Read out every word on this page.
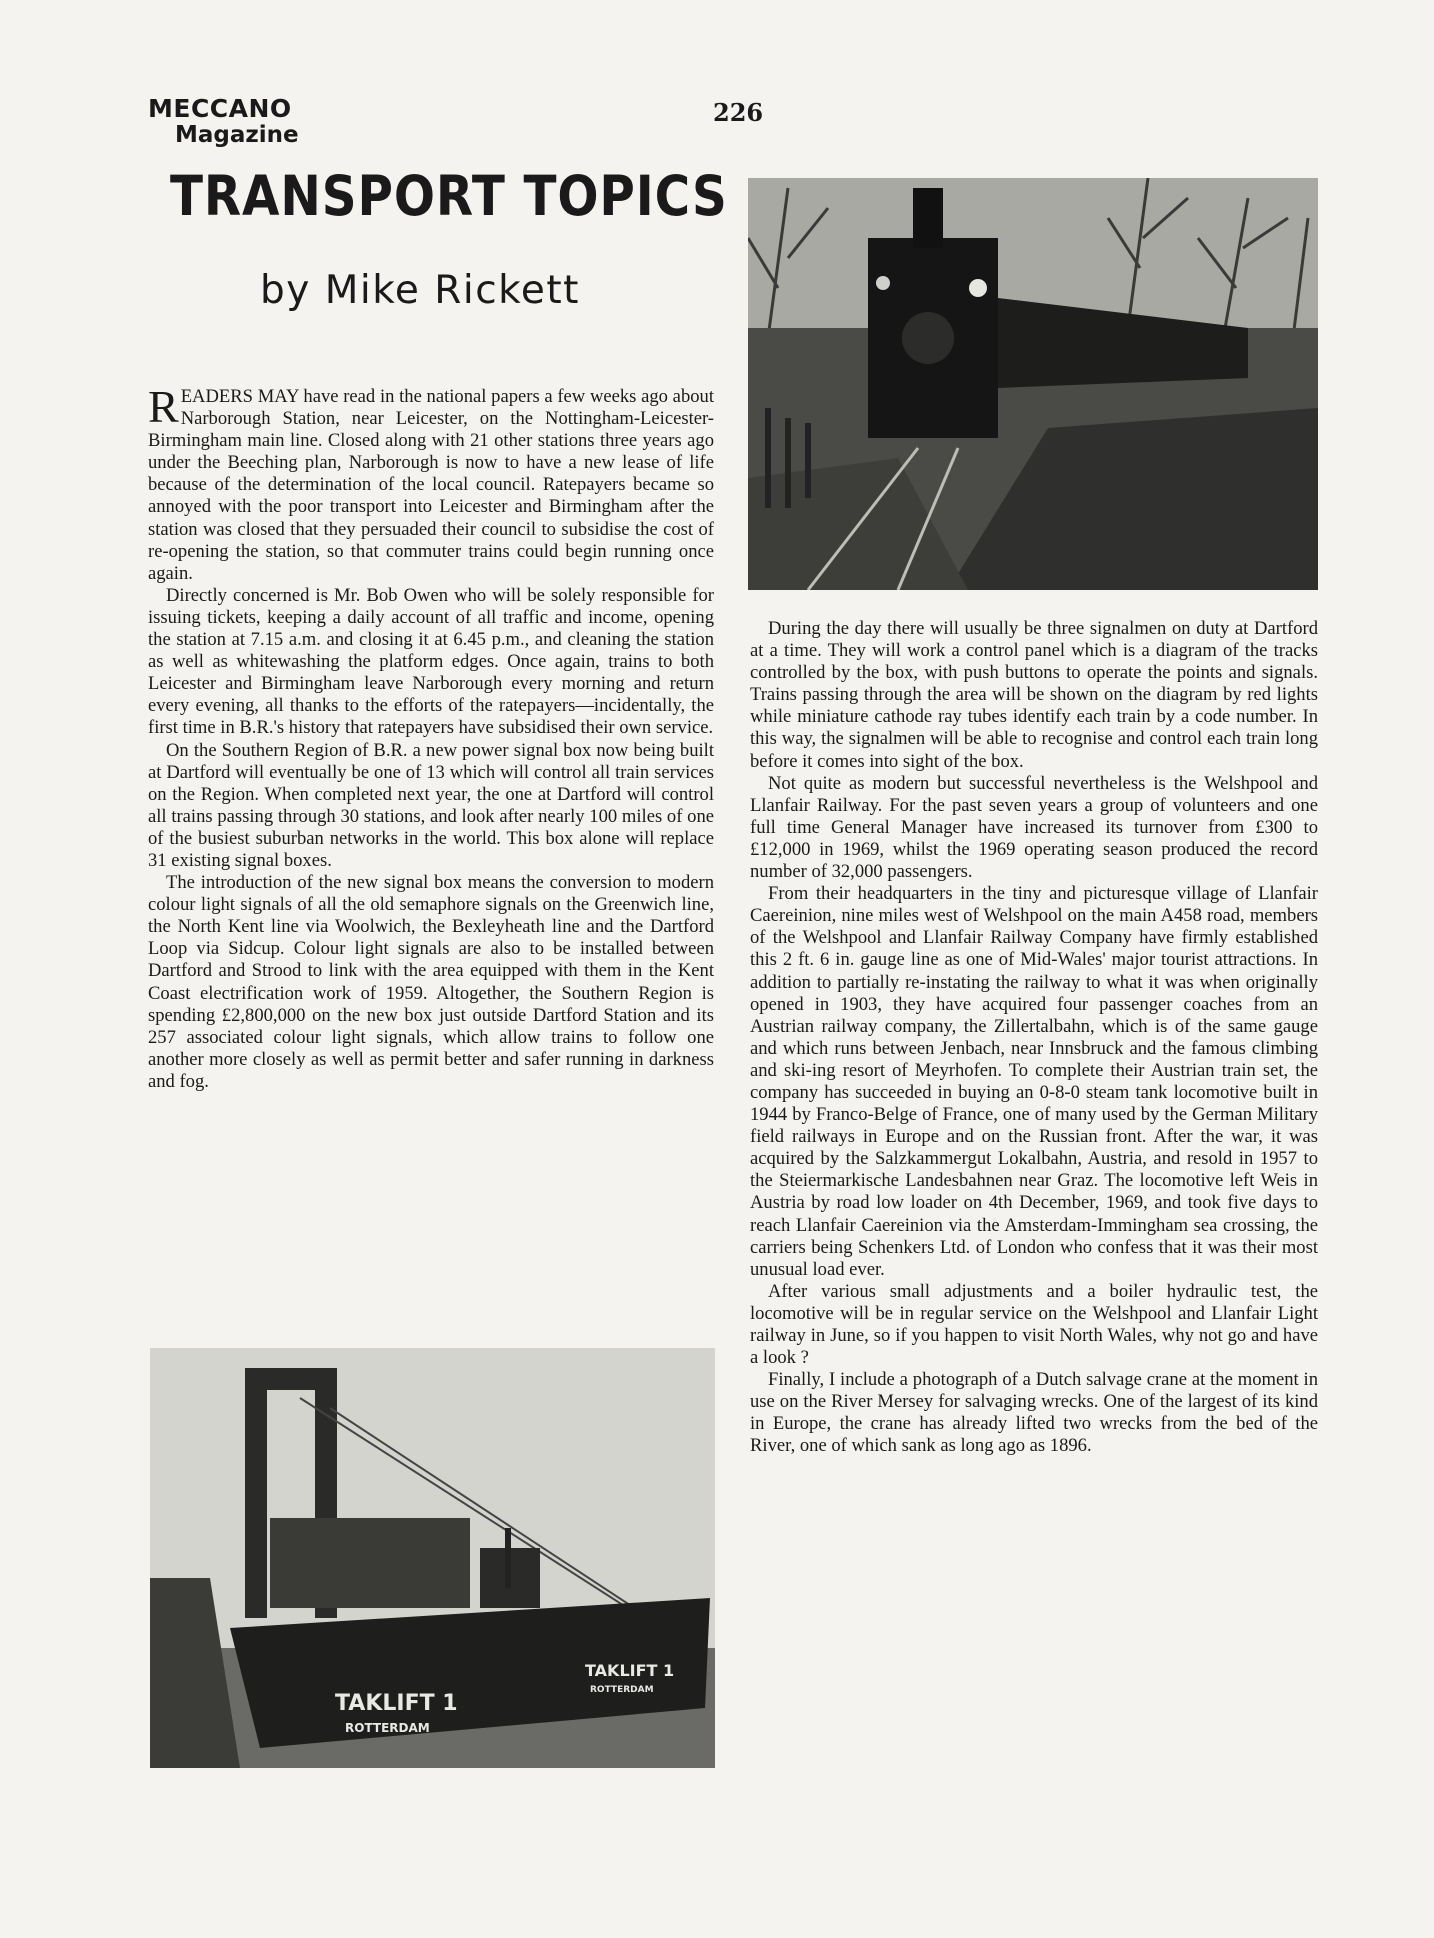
MECCANO
Magazine
226
TRANSPORT TOPICS
by Mike Rickett

READERS MAY have read in the national papers a few weeks ago about Narborough Station, near Leicester, on the Nottingham-Leicester-Birmingham main line. Closed along with 21 other stations three years ago under the Beeching plan, Narborough is now to have a new lease of life because of the determination of the local council. Ratepayers became so annoyed with the poor transport into Leicester and Birmingham after the station was closed that they persuaded their council to subsidise the cost of re-opening the station, so that commuter trains could begin running once again.

Directly concerned is Mr. Bob Owen who will be solely responsible for issuing tickets, keeping a daily account of all traffic and income, opening the station at 7.15 a.m. and closing it at 6.45 p.m., and cleaning the station as well as whitewashing the platform edges. Once again, trains to both Leicester and Birmingham leave Narborough every morning and return every evening, all thanks to the efforts of the ratepayers—incidentally, the first time in B.R.'s history that ratepayers have subsidised their own service.

On the Southern Region of B.R. a new power signal box now being built at Dartford will eventually be one of 13 which will control all train services on the Region. When completed next year, the one at Dartford will control all trains passing through 30 stations, and look after nearly 100 miles of one of the busiest suburban networks in the world. This box alone will replace 31 existing signal boxes.

The introduction of the new signal box means the conversion to modern colour light signals of all the old semaphore signals on the Greenwich line, the North Kent line via Woolwich, the Bexleyheath line and the Dartford Loop via Sidcup. Colour light signals are also to be installed between Dartford and Strood to link with the area equipped with them in the Kent Coast electrification work of 1959. Altogether, the Southern Region is spending £2,800,000 on the new box just outside Dartford Station and its 257 associated colour light signals, which allow trains to follow one another more closely as well as permit better and safer running in darkness and fog.

During the day there will usually be three signalmen on duty at Dartford at a time. They will work a control panel which is a diagram of the tracks controlled by the box, with push buttons to operate the points and signals. Trains passing through the area will be shown on the diagram by red lights while miniature cathode ray tubes identify each train by a code number. In this way, the signalmen will be able to recognise and control each train long before it comes into sight of the box.

Not quite as modern but successful nevertheless is the Welshpool and Llanfair Railway. For the past seven years a group of volunteers and one full time General Manager have increased its turnover from £300 to £12,000 in 1969, whilst the 1969 operating season produced the record number of 32,000 passengers.

From their headquarters in the tiny and picturesque village of Llanfair Caereinion, nine miles west of Welshpool on the main A458 road, members of the Welshpool and Llanfair Railway Company have firmly established this 2 ft. 6 in. gauge line as one of Mid-Wales' major tourist attractions. In addition to partially re-instating the railway to what it was when originally opened in 1903, they have acquired four passenger coaches from an Austrian railway company, the Zillertalbahn, which is of the same gauge and which runs between Jenbach, near Innsbruck and the famous climbing and ski-ing resort of Meyrhofen. To complete their Austrian train set, the company has succeeded in buying an 0-8-0 steam tank locomotive built in 1944 by Franco-Belge of France, one of many used by the German Military field railways in Europe and on the Russian front. After the war, it was acquired by the Salzkammergut Lokalbahn, Austria, and resold in 1957 to the Steiermarkische Landesbahnen near Graz. The locomotive left Weis in Austria by road low loader on 4th December, 1969, and took five days to reach Llanfair Caereinion via the Amsterdam-Immingham sea crossing, the carriers being Schenkers Ltd. of London who confess that it was their most unusual load ever.

After various small adjustments and a boiler hydraulic test, the locomotive will be in regular service on the Welshpool and Llanfair Light railway in June, so if you happen to visit North Wales, why not go and have a look ?

Finally, I include a photograph of a Dutch salvage crane at the moment in use on the River Mersey for salvaging wrecks. One of the largest of its kind in Europe, the crane has already lifted two wrecks from the bed of the River, one of which sank as long ago as 1896.

TAKLIFT 1
ROTTERDAM
TAKLIFT 1
ROTTERDAM
